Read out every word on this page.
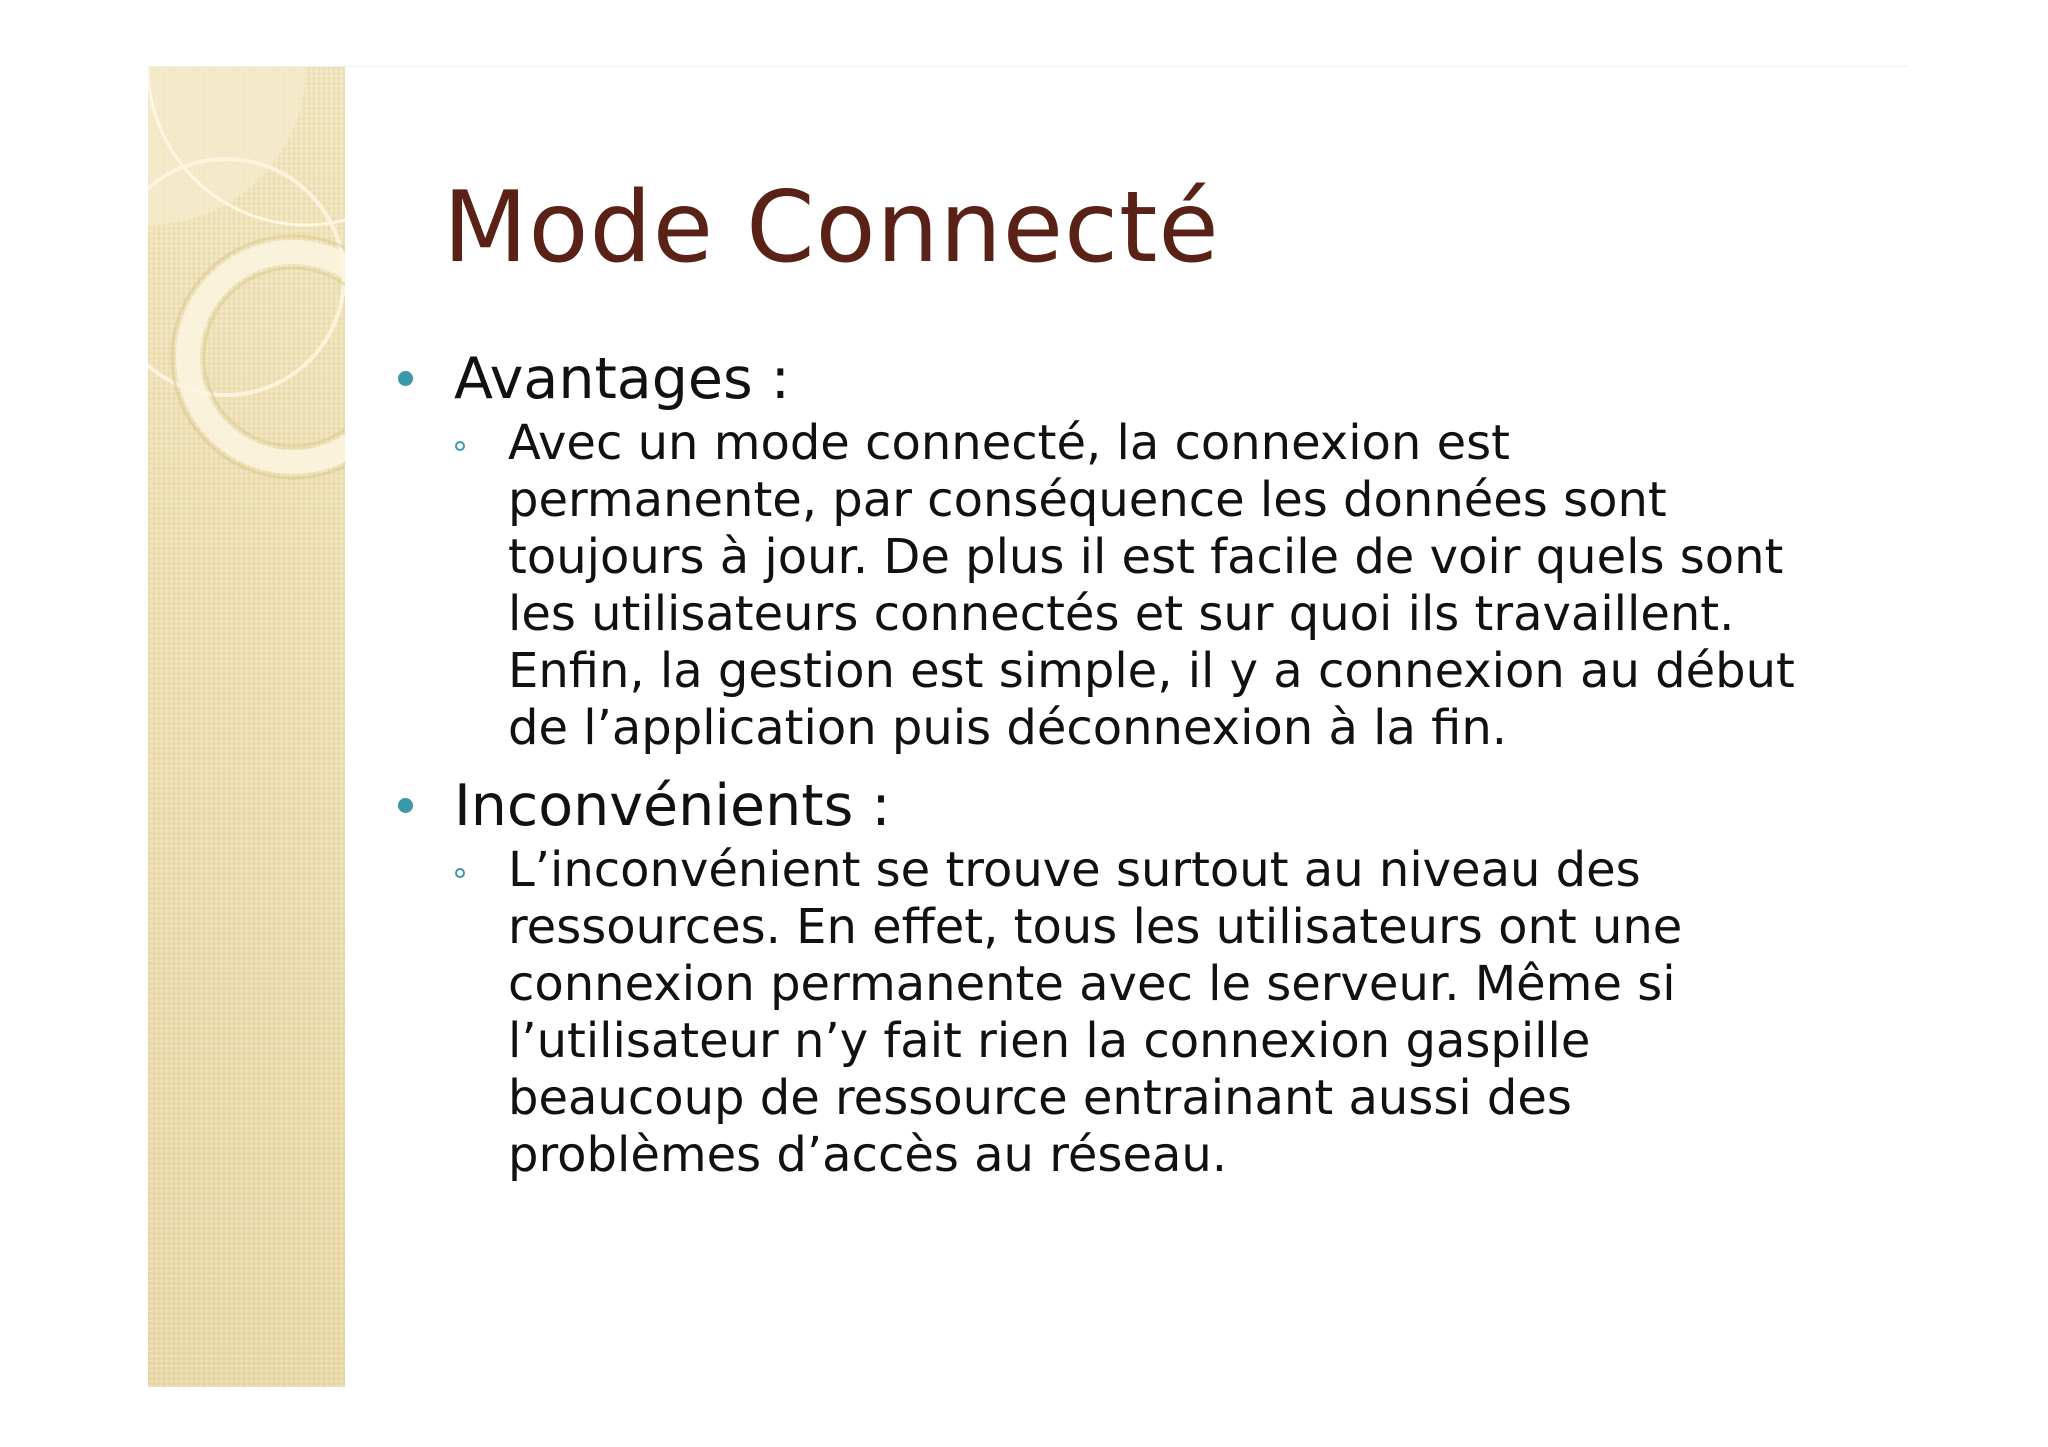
Mode Connecté
Avantages :
Avec un mode connecté, la connexion est
permanente, par conséquence les données sont
toujours à jour. De plus il est facile de voir quels sont
les utilisateurs connectés et sur quoi ils travaillent.
Enfin, la gestion est simple, il y a connexion au début
de l’application puis déconnexion à la fin.
Inconvénients :
L’inconvénient se trouve surtout au niveau des
ressources. En effet, tous les utilisateurs ont une
connexion permanente avec le serveur. Même si
l’utilisateur n’y fait rien la connexion gaspille
beaucoup de ressource entrainant aussi des
problèmes d’accès au réseau.
